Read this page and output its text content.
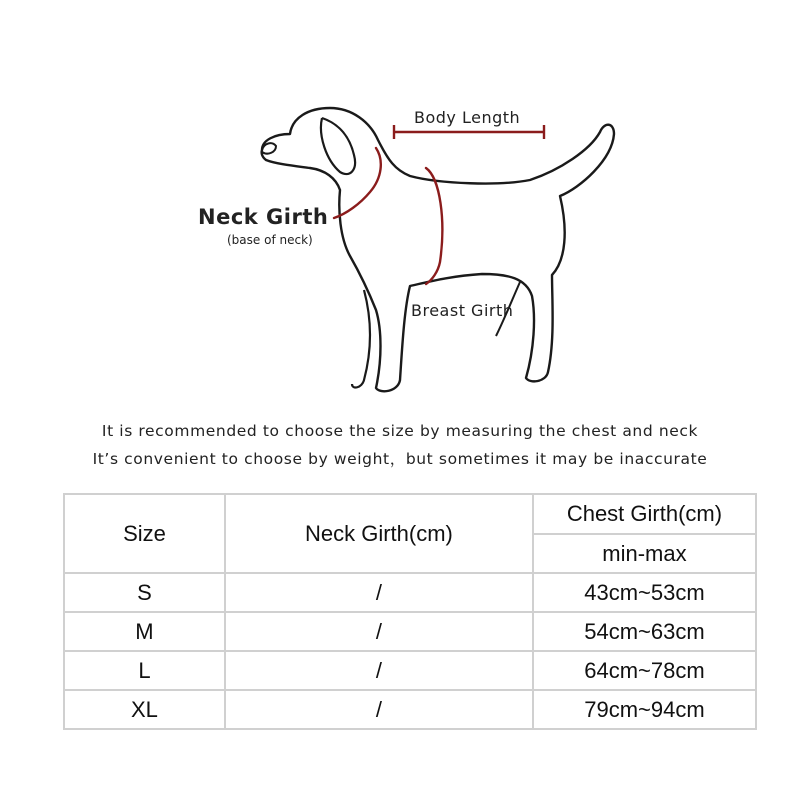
Neck Girth
(base of neck)
Body Length
Breast Girth
It is recommended to choose the size by measuring the chest and neck
It’s convenient to choose by weight，but sometimes it may be inaccurate
Size	Neck Girth(cm)	Chest Girth(cm)
		min-max
S	/	43cm~53cm
M	/	54cm~63cm
L	/	64cm~78cm
XL	/	79cm~94cm
